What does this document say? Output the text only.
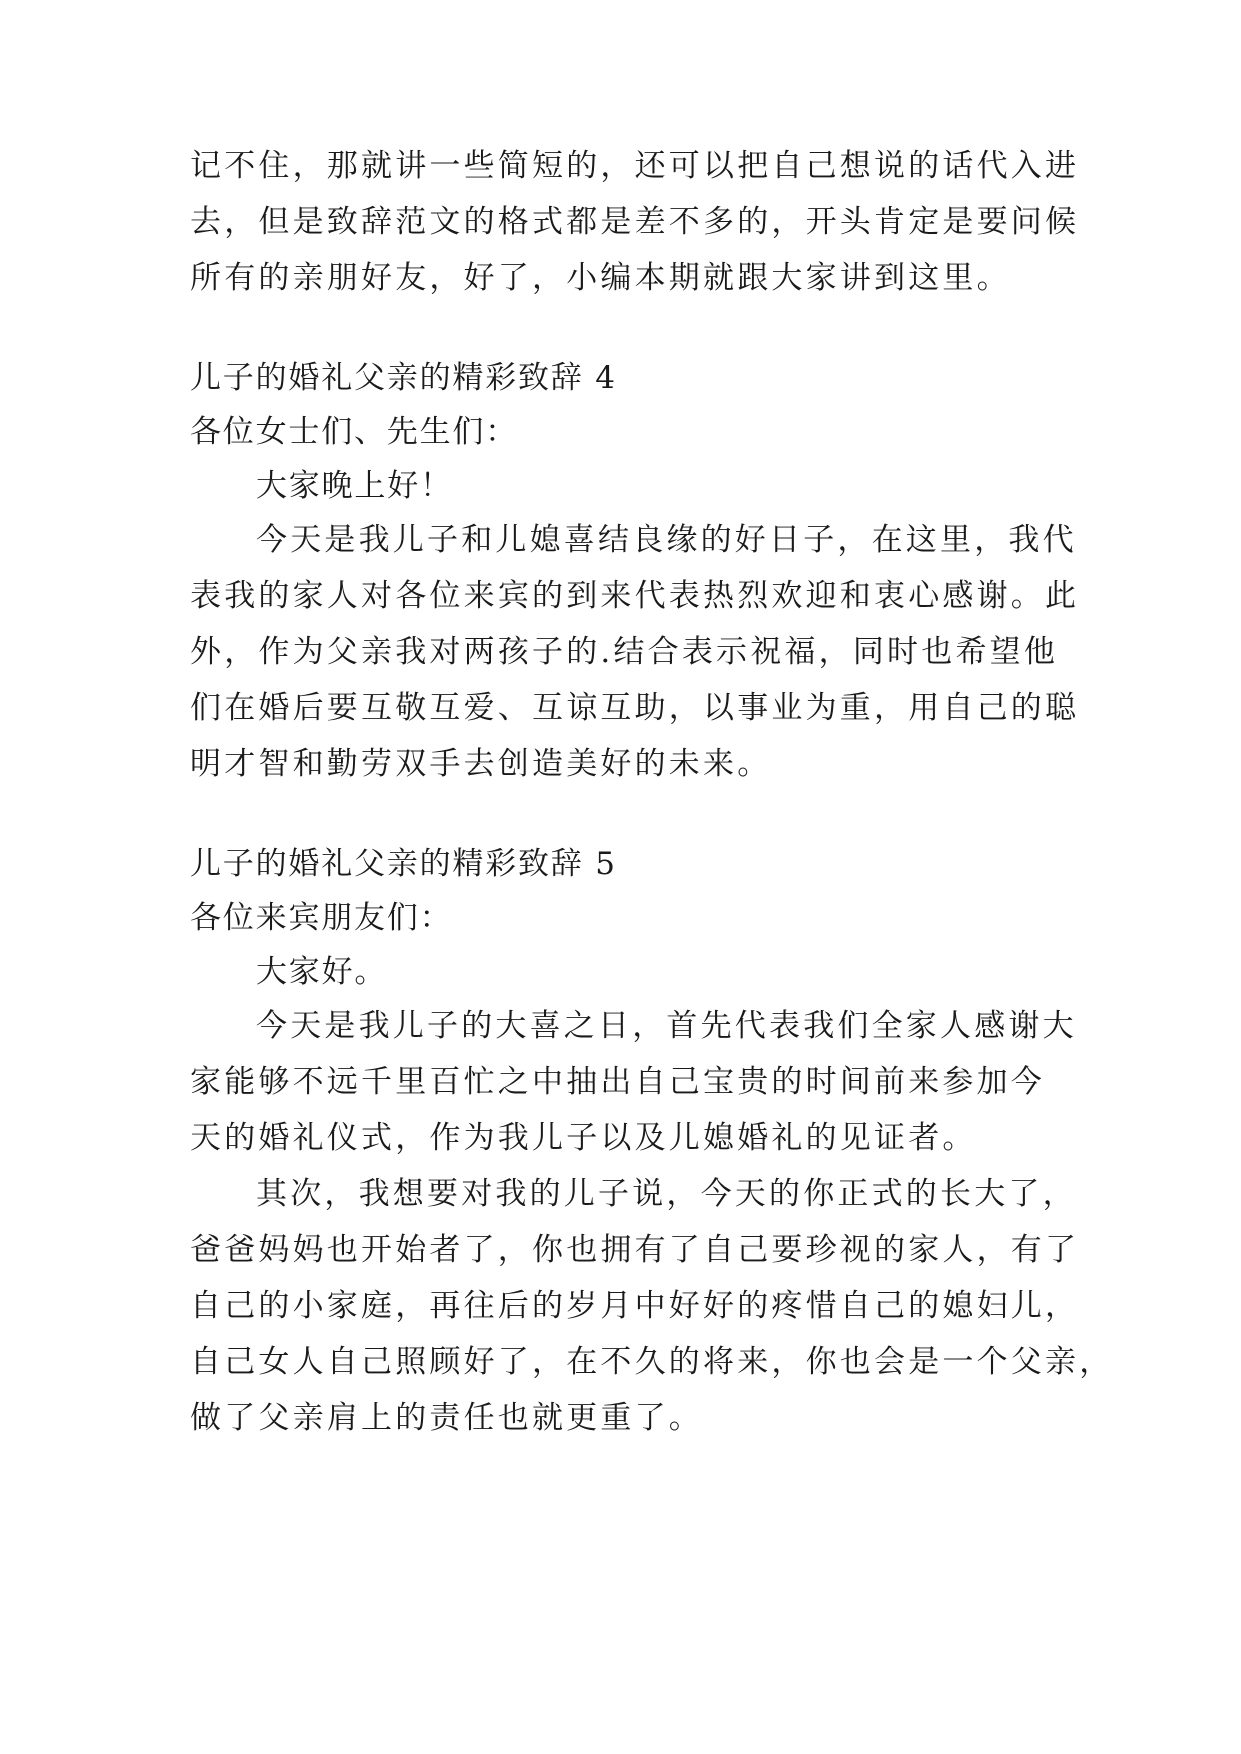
记不住，那就讲一些简短的，还可以把自己想说的话代入进
去，但是致辞范文的格式都是差不多的，开头肯定是要问候
所有的亲朋好友，好了，小编本期就跟大家讲到这里。
儿子的婚礼父亲的精彩致辞 4
各位女士们、先生们：
大家晚上好！
今天是我儿子和儿媳喜结良缘的好日子，在这里，我代
表我的家人对各位来宾的到来代表热烈欢迎和衷心感谢。此
外，作为父亲我对两孩子的.结合表示祝福，同时也希望他
们在婚后要互敬互爱、互谅互助，以事业为重，用自己的聪
明才智和勤劳双手去创造美好的未来。
儿子的婚礼父亲的精彩致辞 5
各位来宾朋友们：
大家好。
今天是我儿子的大喜之日，首先代表我们全家人感谢大
家能够不远千里百忙之中抽出自己宝贵的时间前来参加今
天的婚礼仪式，作为我儿子以及儿媳婚礼的见证者。
其次，我想要对我的儿子说，今天的你正式的长大了，
爸爸妈妈也开始者了，你也拥有了自己要珍视的家人，有了
自己的小家庭，再往后的岁月中好好的疼惜自己的媳妇儿，
自己女人自己照顾好了，在不久的将来，你也会是一个父亲，
做了父亲肩上的责任也就更重了。
